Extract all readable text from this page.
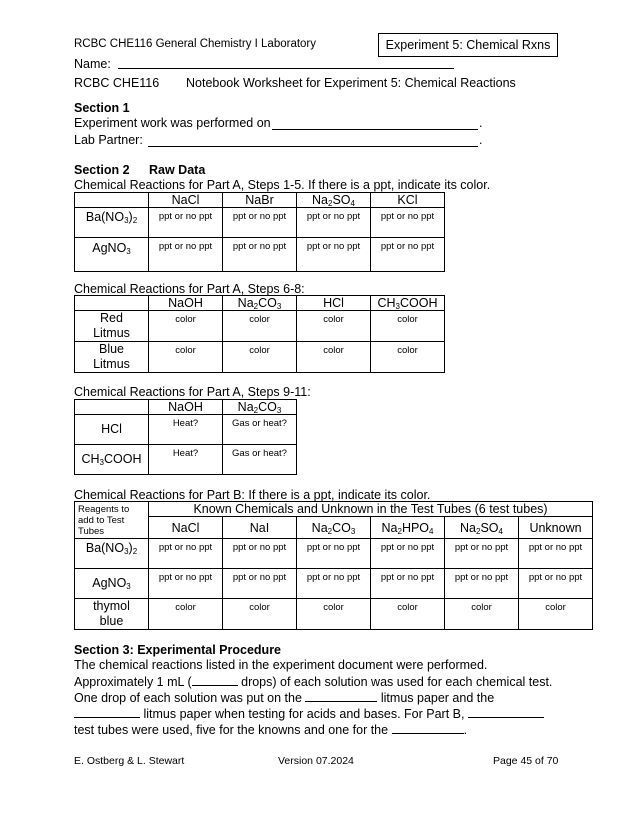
RCBC CHE116 General Chemistry I Laboratory	Experiment 5: Chemical Rxns
Name:
RCBC CHE116 Notebook Worksheet for Experiment 5: Chemical Reactions
Section 1
Experiment work was performed on	.
Lab Partner:	.
Section 2 Raw Data
Chemical Reactions for Part A, Steps 1-5. If there is a ppt, indicate its color.
	NaCl	NaBr	$Na_2SO_4$	KCl
$Ba(NO_3)_2$	ppt or no ppt	ppt or no ppt	ppt or no ppt	ppt or no ppt
AgNO$_3$	ppt or no ppt	ppt or no ppt	ppt or no ppt	ppt or no ppt
Chemical Reactions for Part A, Steps 6-8:
	NaOH	$Na_2CO_3$	HCl	$CH_3COOH$
Red
Litmus	color	color	color	color
Blue
Litmus	color	color	color	color
Chemical Reactions for Part A, Steps 9-11:
	NaOH	$Na_2CO_3$
HCl	Heat?	Gas or heat?
$CH_3COOH$	Heat?	Gas or heat?
Chemical Reactions for Part B: If there is a ppt, indicate its color.
Reagents to
add to Test
Tubes	Known Chemicals and Unknown in the Test Tubes (6 test tubes)					
	NaCl	NaI	$Na_2CO_3$	$Na_2HPO_4$	$Na_2SO_4$	Unknown
$Ba(NO_3)_2$	ppt or no ppt	ppt or no ppt	ppt or no ppt	ppt or no ppt	ppt or no ppt	ppt or no ppt
AgNO$_3$	ppt or no ppt	ppt or no ppt	ppt or no ppt	ppt or no ppt	ppt or no ppt	ppt or no ppt
thymol
blue	color	color	color	color	color	color
Section 3: Experimental Procedure
The chemical reactions listed in the experiment document were performed.
Approximately 1 mL (	drops) of each solution was used for each chemical test.
One drop of each solution was put on the	litmus paper and the
litmus paper when testing for acids and bases. For Part B,
test tubes were used, five for the knowns and one for the	.
E. Ostberg & L. Stewart	Version 07.2024	Page 45 of 70
